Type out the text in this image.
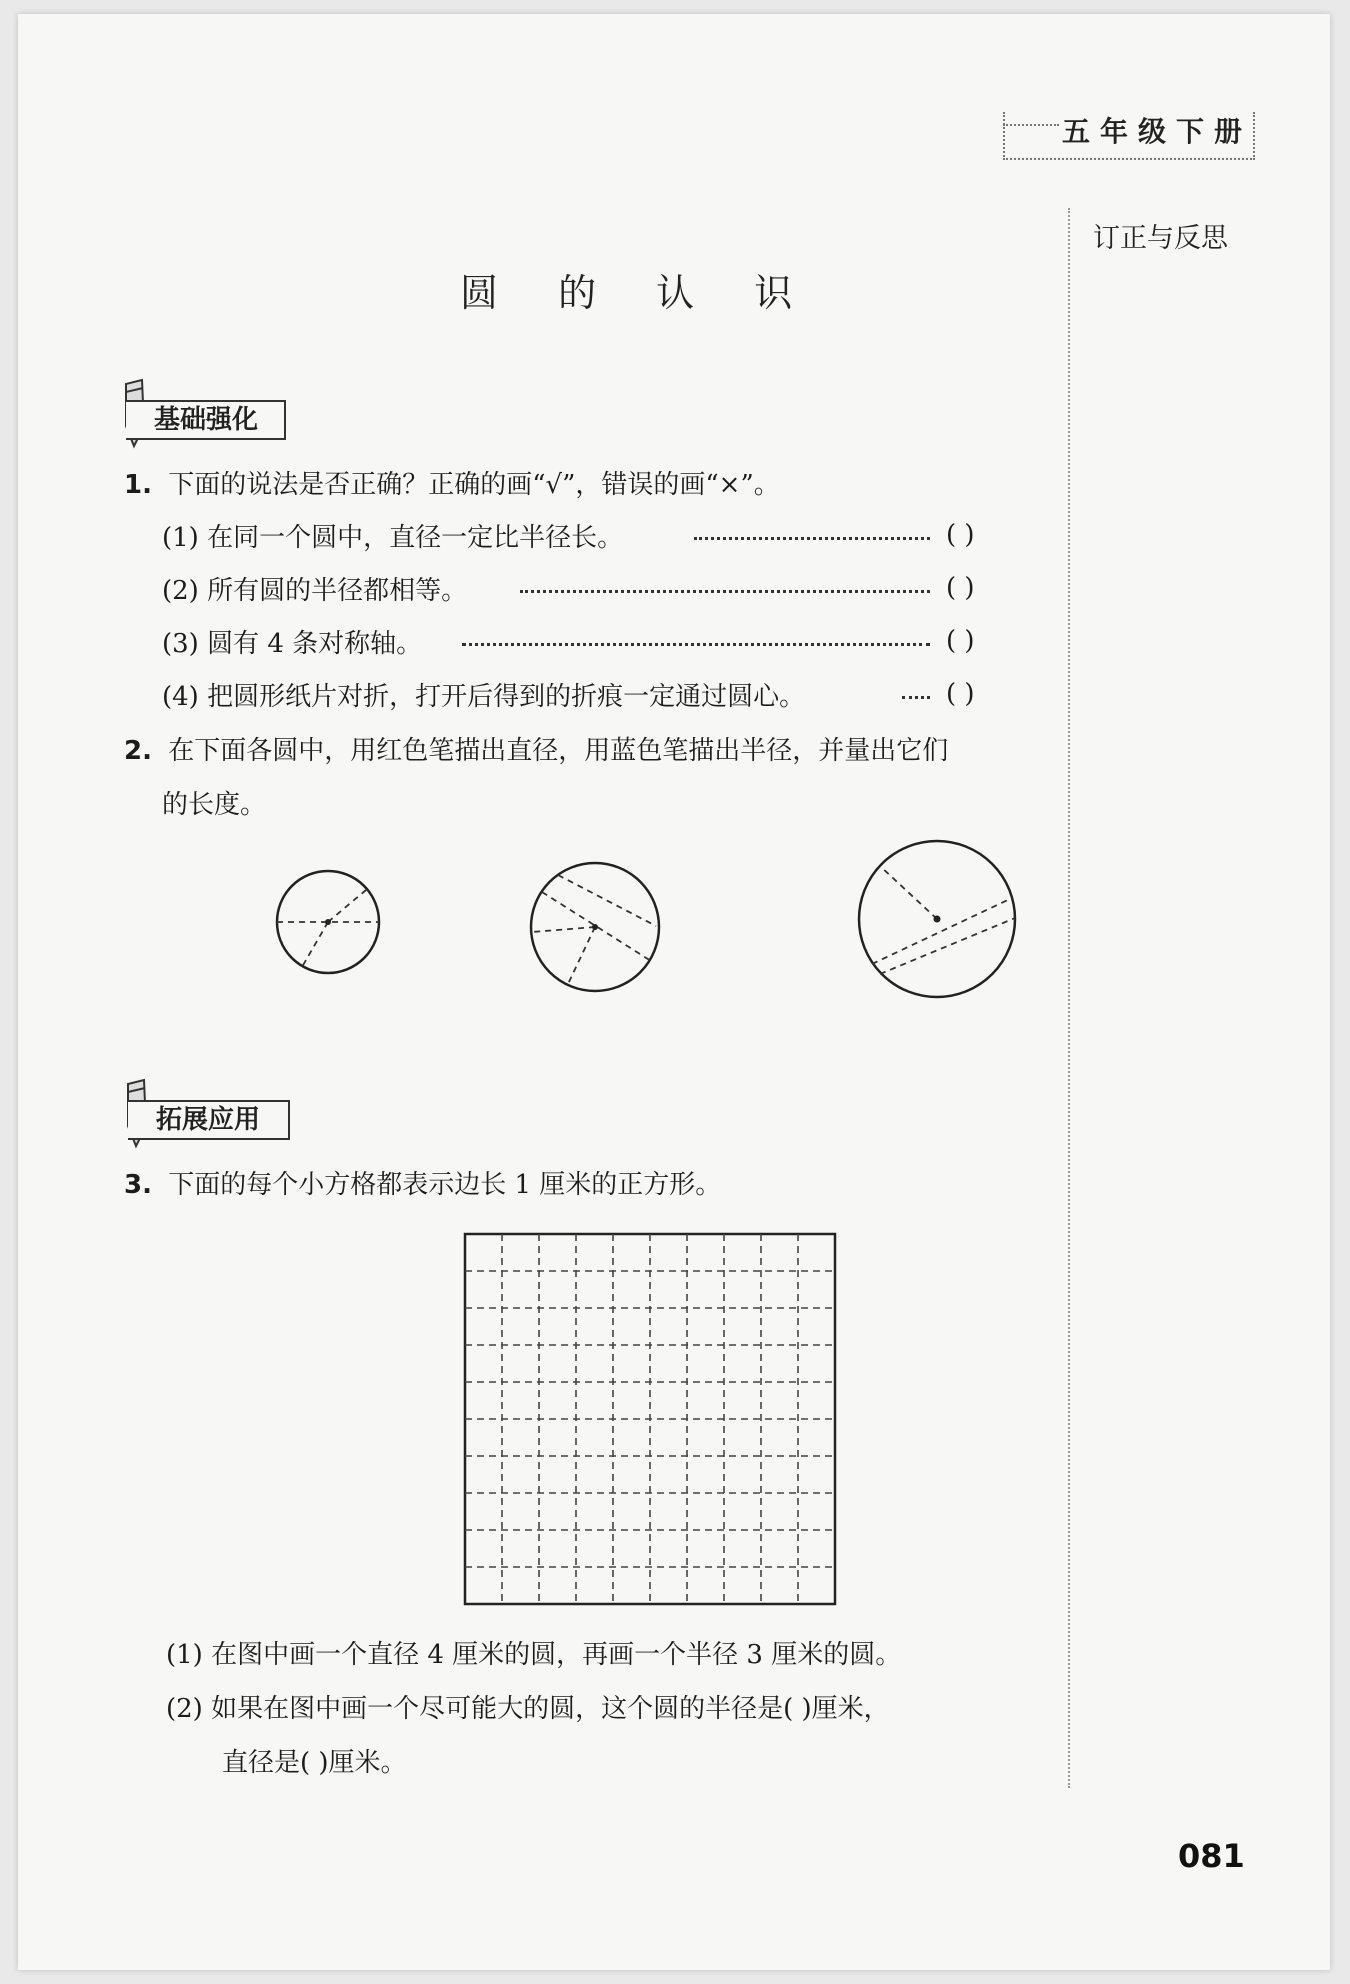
五年级下册
订正与反思
圆 的 认 识
基础强化
1. 下面的说法是否正确？正确的画“√”，错误的画“×”。
(1) 在同一个圆中，直径一定比半径长。	( )
(2) 所有圆的半径都相等。	( )
(3) 圆有 4 条对称轴。	( )
(4) 把圆形纸片对折，打开后得到的折痕一定通过圆心。	( )
2. 在下面各圆中，用红色笔描出直径，用蓝色笔描出半径，并量出它们
的长度。
拓展应用
3. 下面的每个小方格都表示边长 1 厘米的正方形。
(1) 在图中画一个直径 4 厘米的圆，再画一个半径 3 厘米的圆。
(2) 如果在图中画一个尽可能大的圆，这个圆的半径是( )厘米，
直径是( )厘米。
081
